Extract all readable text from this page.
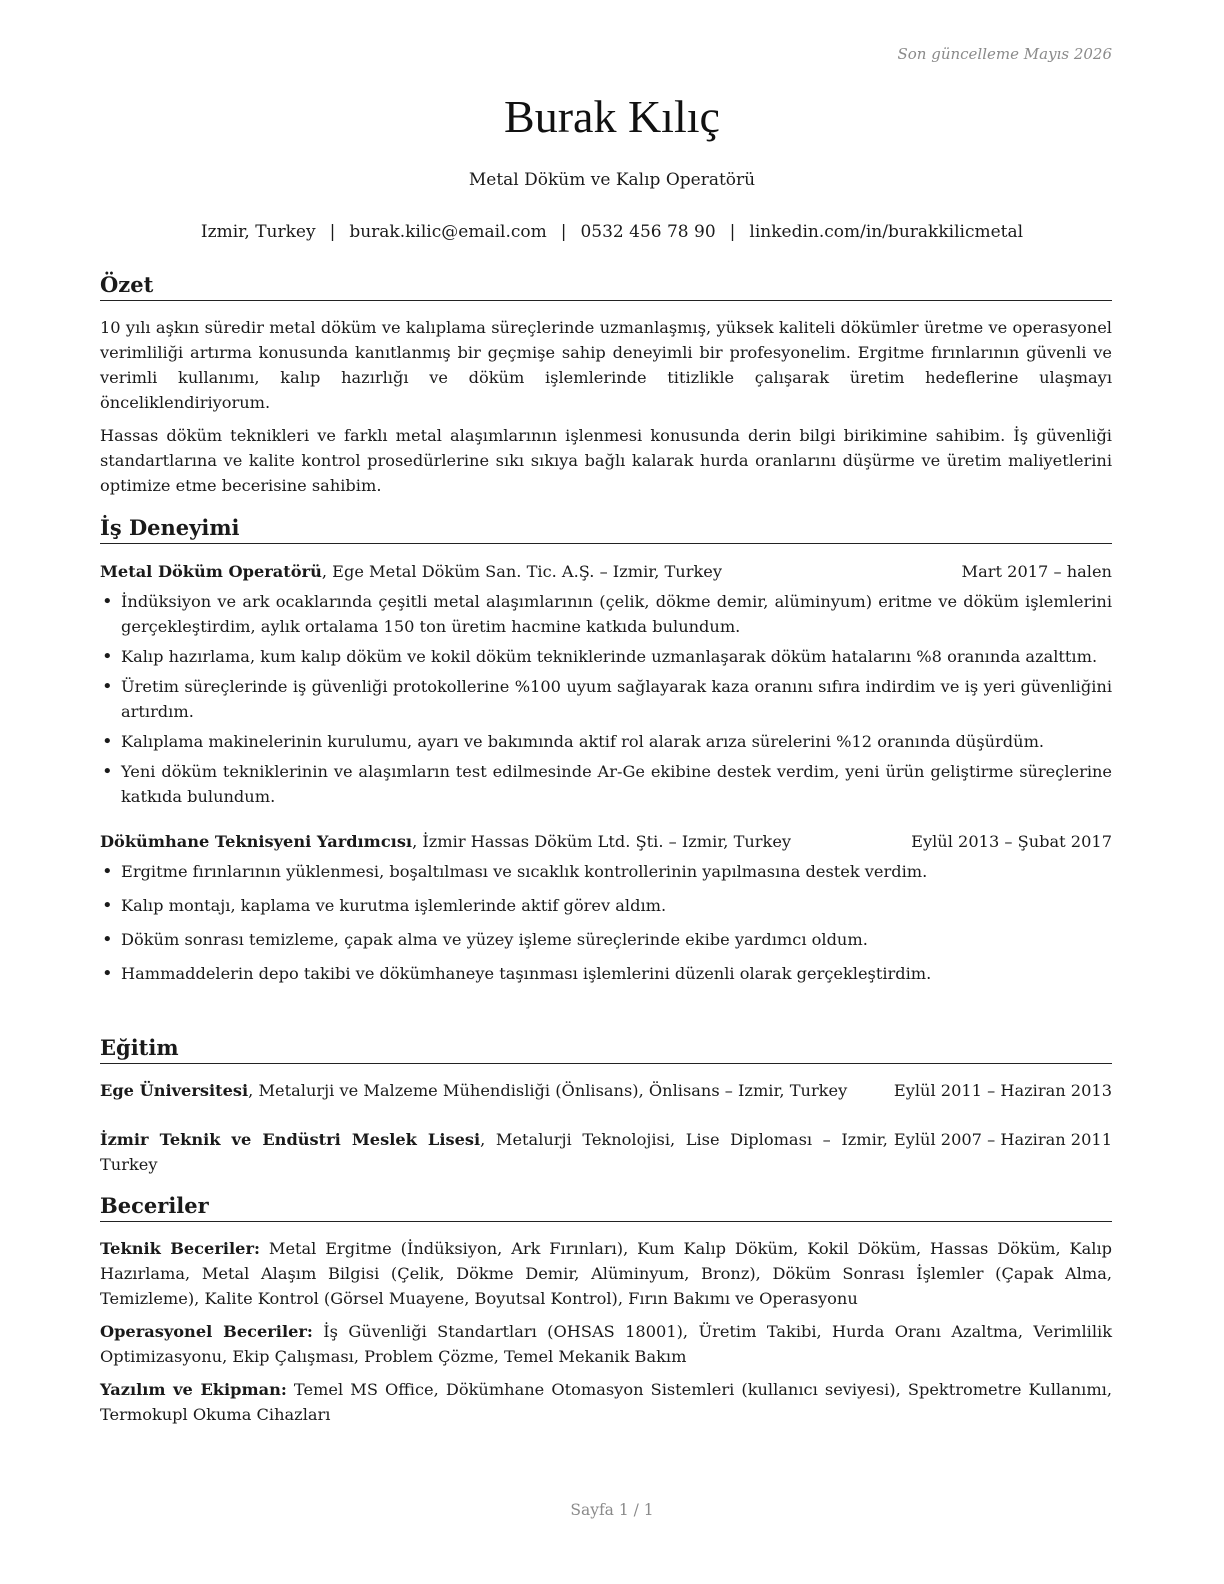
Son güncelleme Mayıs 2026
Burak Kılıç
Metal Döküm ve Kalıp Operatörü
Izmir, Turkey | burak.kilic@email.com | 0532 456 78 90 | linkedin.com/in/burakkilicmetal
Özet

10 yılı aşkın süredir metal döküm ve kalıplama süreçlerinde uzmanlaşmış, yüksek kaliteli dökümler üretme ve operasyonel verimliliği artırma konusunda kanıtlanmış bir geçmişe sahip deneyimli bir profesyonelim. Ergitme fırınlarının güvenli ve verimli kullanımı, kalıp hazırlığı ve döküm işlemlerinde titizlikle çalışarak üretim hedeflerine ulaşmayı önceliklendiriyorum.

Hassas döküm teknikleri ve farklı metal alaşımlarının işlenmesi konusunda derin bilgi birikimine sahibim. İş güvenliği standartlarına ve kalite kontrol prosedürlerine sıkı sıkıya bağlı kalarak hurda oranlarını düşürme ve üretim maliyetlerini optimize etme becerisine sahibim.

İş Deneyimi
Metal Döküm Operatörü, Ege Metal Döküm San. Tic. A.Ş. – Izmir, Turkey	Mart 2017 – halen
• İndüksiyon ve ark ocaklarında çeşitli metal alaşımlarının (çelik, dökme demir, alüminyum) eritme ve döküm işlemlerini gerçekleştirdim, aylık ortalama 150 ton üretim hacmine katkıda bulundum.
• Kalıp hazırlama, kum kalıp döküm ve kokil döküm tekniklerinde uzmanlaşarak döküm hatalarını %8 oranında azalttım.
• Üretim süreçlerinde iş güvenliği protokollerine %100 uyum sağlayarak kaza oranını sıfıra indirdim ve iş yeri güvenliğini artırdım.
• Kalıplama makinelerinin kurulumu, ayarı ve bakımında aktif rol alarak arıza sürelerini %12 oranında düşürdüm.
• Yeni döküm tekniklerinin ve alaşımların test edilmesinde Ar-Ge ekibine destek verdim, yeni ürün geliştirme süreçlerine katkıda bulundum.
Dökümhane Teknisyeni Yardımcısı, İzmir Hassas Döküm Ltd. Şti. – Izmir, Turkey	Eylül 2013 – Şubat 2017
• Ergitme fırınlarının yüklenmesi, boşaltılması ve sıcaklık kontrollerinin yapılmasına destek verdim.
• Kalıp montajı, kaplama ve kurutma işlemlerinde aktif görev aldım.
• Döküm sonrası temizleme, çapak alma ve yüzey işleme süreçlerinde ekibe yardımcı oldum.
• Hammaddelerin depo takibi ve dökümhaneye taşınması işlemlerini düzenli olarak gerçekleştirdim.
Eğitim
Ege Üniversitesi, Metalurji ve Malzeme Mühendisliği (Önlisans), Önlisans – Izmir, Turkey	Eylül 2011 – Haziran 2013
İzmir Teknik ve Endüstri Meslek Lisesi, Metalurji Teknolojisi, Lise Diploması – Izmir, Turkey
Eylül 2007 – Haziran 2011
Beceriler

Teknik Beceriler: Metal Ergitme (İndüksiyon, Ark Fırınları), Kum Kalıp Döküm, Kokil Döküm, Hassas Döküm, Kalıp Hazırlama, Metal Alaşım Bilgisi (Çelik, Dökme Demir, Alüminyum, Bronz), Döküm Sonrası İşlemler (Çapak Alma, Temizleme), Kalite Kontrol (Görsel Muayene, Boyutsal Kontrol), Fırın Bakımı ve Operasyonu

Operasyonel Beceriler: İş Güvenliği Standartları (OHSAS 18001), Üretim Takibi, Hurda Oranı Azaltma, Verimlilik Optimizasyonu, Ekip Çalışması, Problem Çözme, Temel Mekanik Bakım

Yazılım ve Ekipman: Temel MS Office, Dökümhane Otomasyon Sistemleri (kullanıcı seviyesi), Spektrometre Kullanımı, Termokupl Okuma Cihazları

Sayfa 1 / 1
